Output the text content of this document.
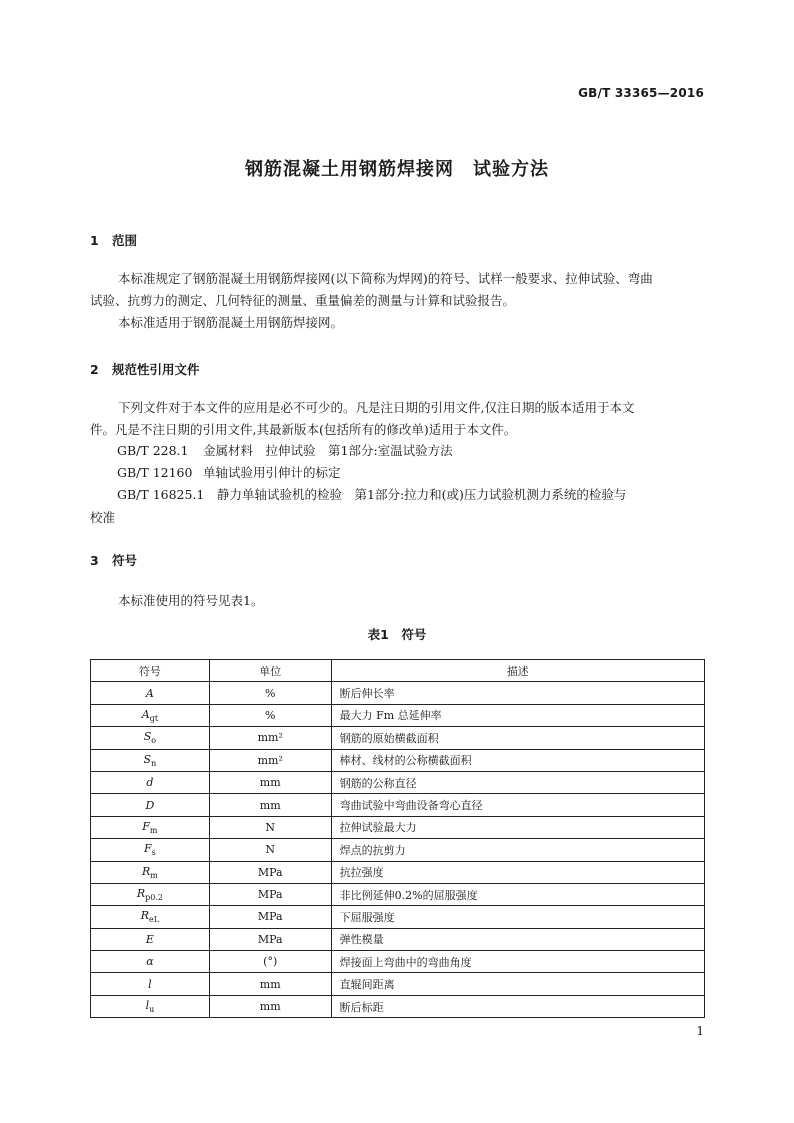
GB/T 33365—2016
钢筋混凝土用钢筋焊接网　试验方法
1 范围
本标准规定了钢筋混凝土用钢筋焊接网(以下简称为焊网)的符号、试样一般要求、拉伸试验、弯曲
试验、抗剪力的测定、几何特征的测量、重量偏差的测量与计算和试验报告。
本标准适用于钢筋混凝土用钢筋焊接网。
2 规范性引用文件
下列文件对于本文件的应用是必不可少的。凡是注日期的引用文件,仅注日期的版本适用于本文
件。凡是不注日期的引用文件,其最新版本(包括所有的修改单)适用于本文件。
GB/T 228.1 金属材料　拉伸试验　第1部分:室温试验方法
GB/T 12160 单轴试验用引伸计的标定
GB/T 16825.1 静力单轴试验机的检验　第1部分:拉力和(或)压力试验机测力系统的检验与
校准
3 符号
本标准使用的符号见表1。
表1　符号
符号	单位	描述
A	%	断后伸长率
$A_{gt}$	%	最大力 Fm 总延伸率
$S_o$	mm²	钢筋的原始横截面积
$S_n$	mm²	棒材、线材的公称横截面积
d	mm	钢筋的公称直径
D	mm	弯曲试验中弯曲设备弯心直径
$F_m$	N	拉伸试验最大力
$F_s$	N	焊点的抗剪力
$R_m$	MPa	抗拉强度
$R_{p0.2}$	MPa	非比例延伸0.2%的屈服强度
$R_{eL}$	MPa	下屈服强度
E	MPa	弹性模量
α	(°)	焊接面上弯曲中的弯曲角度
l	mm	直辊间距离
$l_u$	mm	断后标距
1
